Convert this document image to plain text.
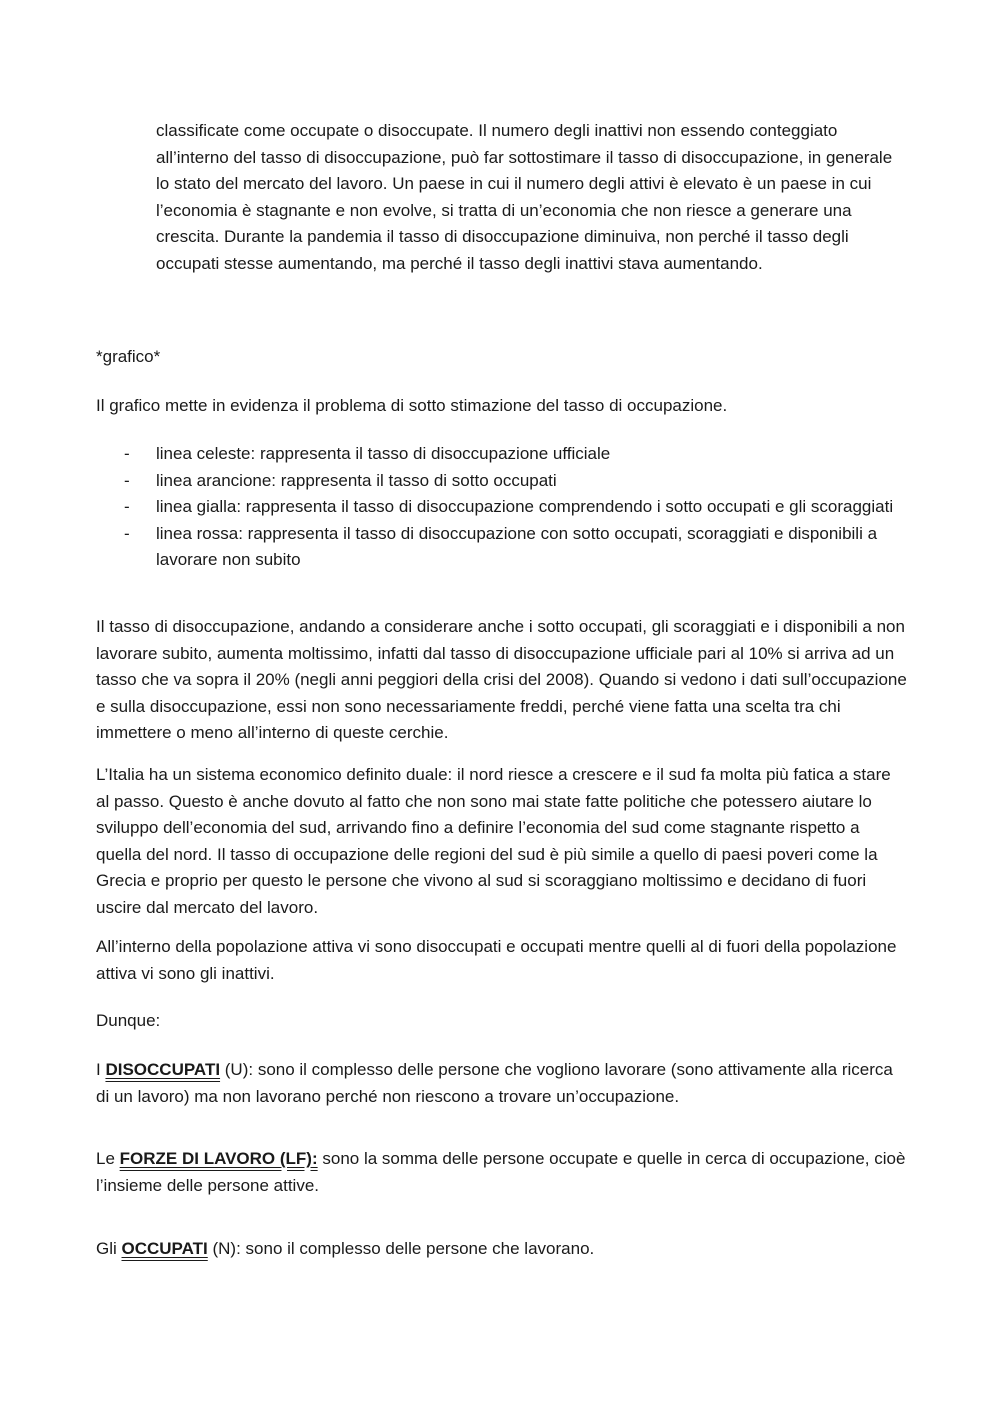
classificate come occupate o disoccupate. Il numero degli inattivi non essendo conteggiato all’interno del tasso di disoccupazione, può far sottostimare il tasso di disoccupazione, in generale lo stato del mercato del lavoro. Un paese in cui il numero degli attivi è elevato è un paese in cui l’economia è stagnante e non evolve, si tratta di un’economia che non riesce a generare una crescita. Durante la pandemia il tasso di disoccupazione diminuiva, non perché il tasso degli occupati stesse aumentando, ma perché il tasso degli inattivi stava aumentando.

*grafico*

Il grafico mette in evidenza il problema di sotto stimazione del tasso di occupazione.

- linea celeste: rappresenta il tasso di disoccupazione ufficiale
- linea arancione: rappresenta il tasso di sotto occupati
- linea gialla: rappresenta il tasso di disoccupazione comprendendo i sotto occupati e gli scoraggiati
- linea rossa: rappresenta il tasso di disoccupazione con sotto occupati, scoraggiati e disponibili a lavorare non subito

Il tasso di disoccupazione, andando a considerare anche i sotto occupati, gli scoraggiati e i disponibili a non lavorare subito, aumenta moltissimo, infatti dal tasso di disoccupazione ufficiale pari al 10% si arriva ad un tasso che va sopra il 20% (negli anni peggiori della crisi del 2008). Quando si vedono i dati sull’occupazione e sulla disoccupazione, essi non sono necessariamente freddi, perché viene fatta una scelta tra chi immettere o meno all’interno di queste cerchie.

L’Italia ha un sistema economico definito duale: il nord riesce a crescere e il sud fa molta più fatica a stare al passo. Questo è anche dovuto al fatto che non sono mai state fatte politiche che potessero aiutare lo sviluppo dell’economia del sud, arrivando fino a definire l’economia del sud come stagnante rispetto a quella del nord. Il tasso di occupazione delle regioni del sud è più simile a quello di paesi poveri come la Grecia e proprio per questo le persone che vivono al sud si scoraggiano moltissimo e decidano di fuori uscire dal mercato del lavoro.

All’interno della popolazione attiva vi sono disoccupati e occupati mentre quelli al di fuori della popolazione attiva vi sono gli inattivi.

Dunque:

I DISOCCUPATI (U): sono il complesso delle persone che vogliono lavorare (sono attivamente alla ricerca di un lavoro) ma non lavorano perché non riescono a trovare un’occupazione.

Le FORZE DI LAVORO (LF): sono la somma delle persone occupate e quelle in cerca di occupazione, cioè l’insieme delle persone attive.

Gli OCCUPATI (N): sono il complesso delle persone che lavorano.
